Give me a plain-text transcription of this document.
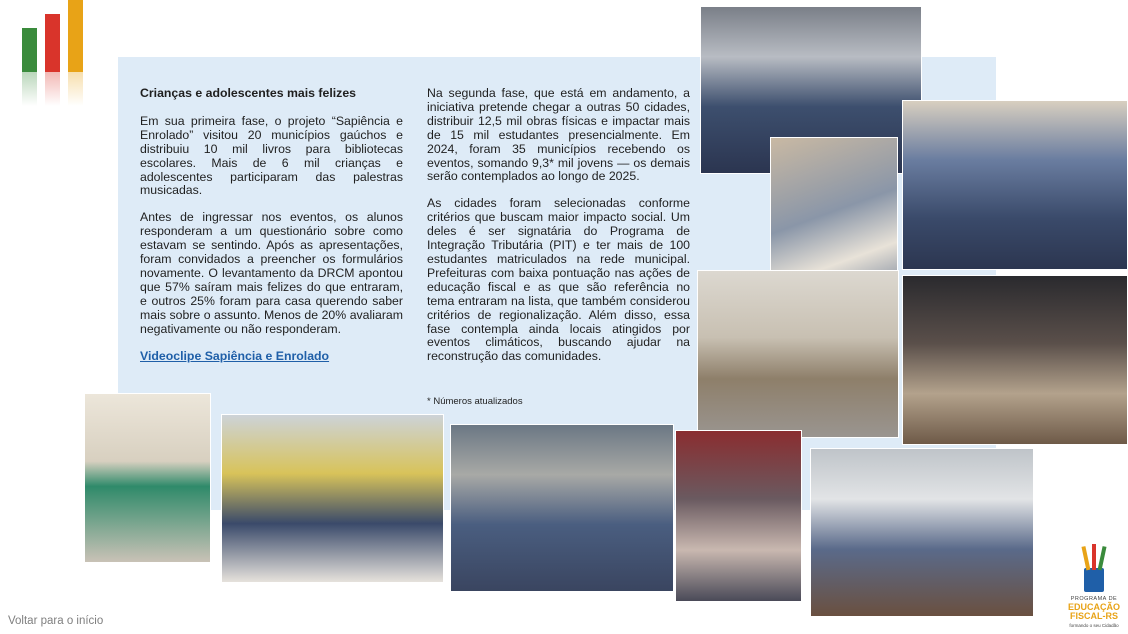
Crianças e adolescentes mais felizes

Em sua primeira fase, o projeto “Sapiência e Enrolado” visitou 20 municípios gaúchos e distribuiu 10 mil livros para bibliotecas escolares. Mais de 6 mil crianças e adolescentes participaram das palestras musicadas.

Antes de ingressar nos eventos, os alunos responderam a um questionário sobre como estavam se sentindo. Após as apresentações, foram convidados a preencher os formulários novamente. O levantamento da DRCM apontou que 57% saíram mais felizes do que entraram, e outros 25% foram para casa querendo saber mais sobre o assunto. Menos de 20% avaliaram negativamente ou não responderam.

Videoclipe Sapiência e Enrolado

Na segunda fase, que está em andamento, a iniciativa pretende chegar a outras 50 cidades, distribuir 12,5 mil obras físicas e impactar mais de 15 mil estudantes presencialmente. Em 2024, foram 35 municípios recebendo os eventos, somando 9,3* mil jovens — os demais serão contemplados ao longo de 2025.

As cidades foram selecionadas conforme critérios que buscam maior impacto social. Um deles é ser signatária do Programa de Integração Tributária (PIT) e ter mais de 100 estudantes matriculados na rede municipal. Prefeituras com baixa pontuação nas ações de educação fiscal e as que são referência no tema entraram na lista, que também considerou critérios de regionalização. Além disso, essa fase contempla ainda locais atingidos por eventos climáticos, buscando ajudar na reconstrução das comunidades.

* Números atualizados
Voltar para o início
PROGRAMA DE
EDUCAÇÃO
FISCAL-RS
formando o seu Cidadão
